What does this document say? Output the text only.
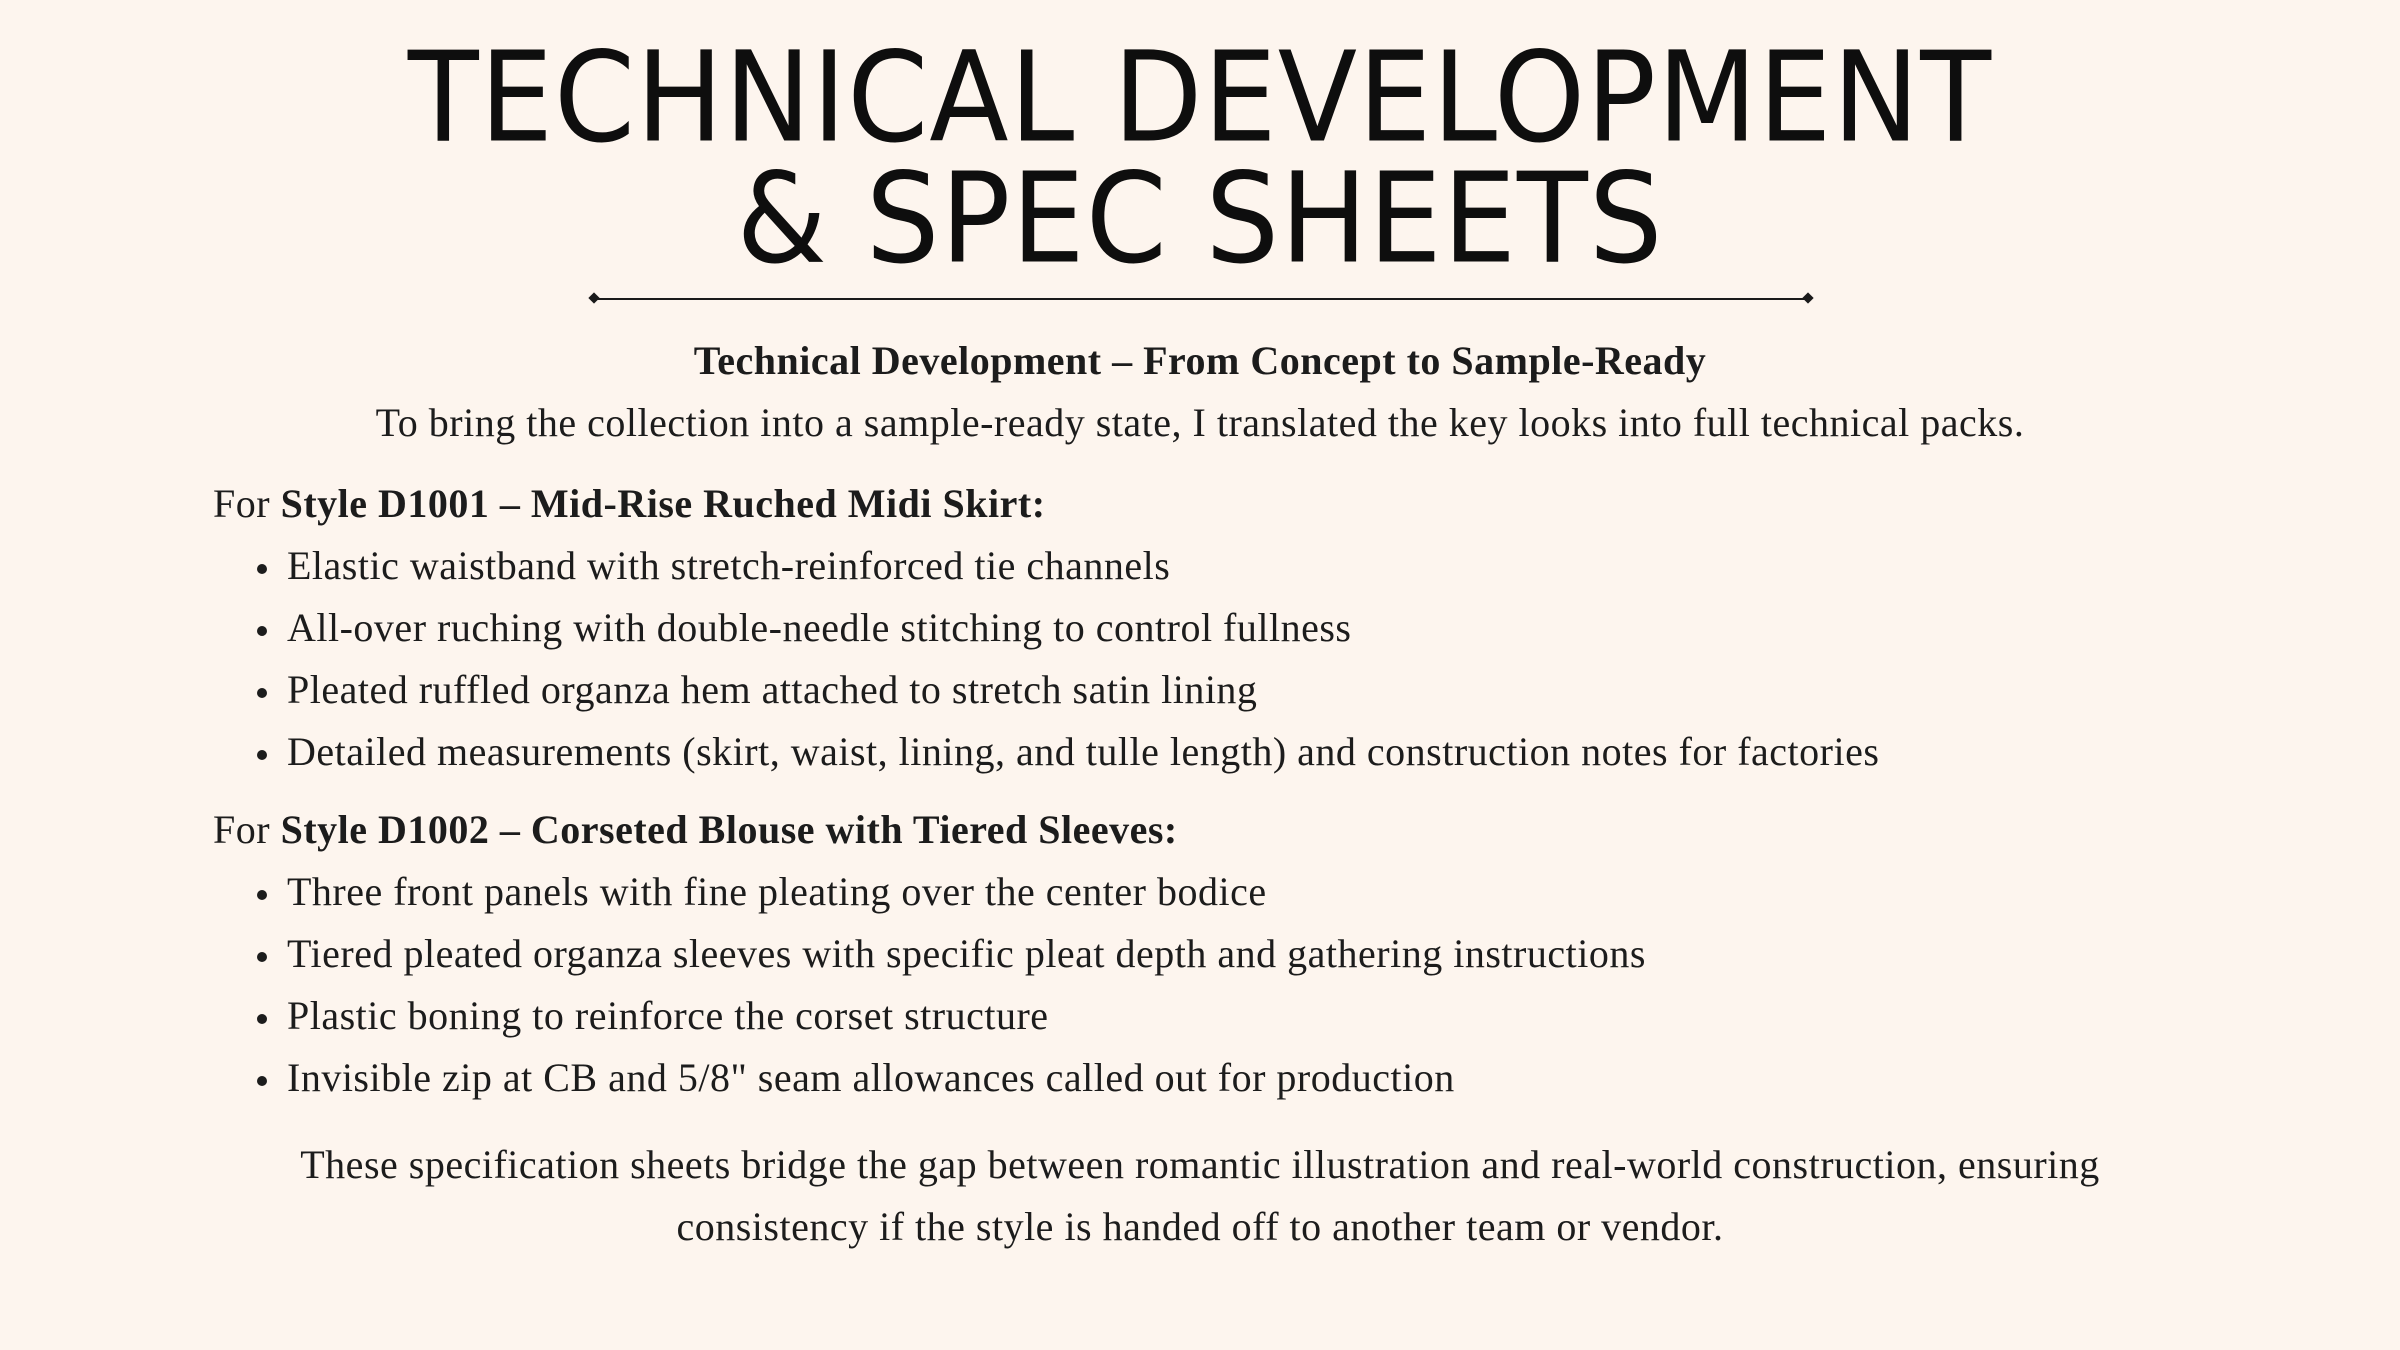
TECHNICAL DEVELOPMENT
& SPEC SHEETS
Technical Development – From Concept to Sample-Ready
To bring the collection into a sample-ready state, I translated the key looks into full technical packs.
For Style D1001 – Mid-Rise Ruched Midi Skirt:
Elastic waistband with stretch-reinforced tie channels
All-over ruching with double-needle stitching to control fullness
Pleated ruffled organza hem attached to stretch satin lining
Detailed measurements (skirt, waist, lining, and tulle length) and construction notes for factories
For Style D1002 – Corseted Blouse with Tiered Sleeves:
Three front panels with fine pleating over the center bodice
Tiered pleated organza sleeves with specific pleat depth and gathering instructions
Plastic boning to reinforce the corset structure
Invisible zip at CB and 5/8" seam allowances called out for production
These specification sheets bridge the gap between romantic illustration and real-world construction, ensuring
consistency if the style is handed off to another team or vendor.
